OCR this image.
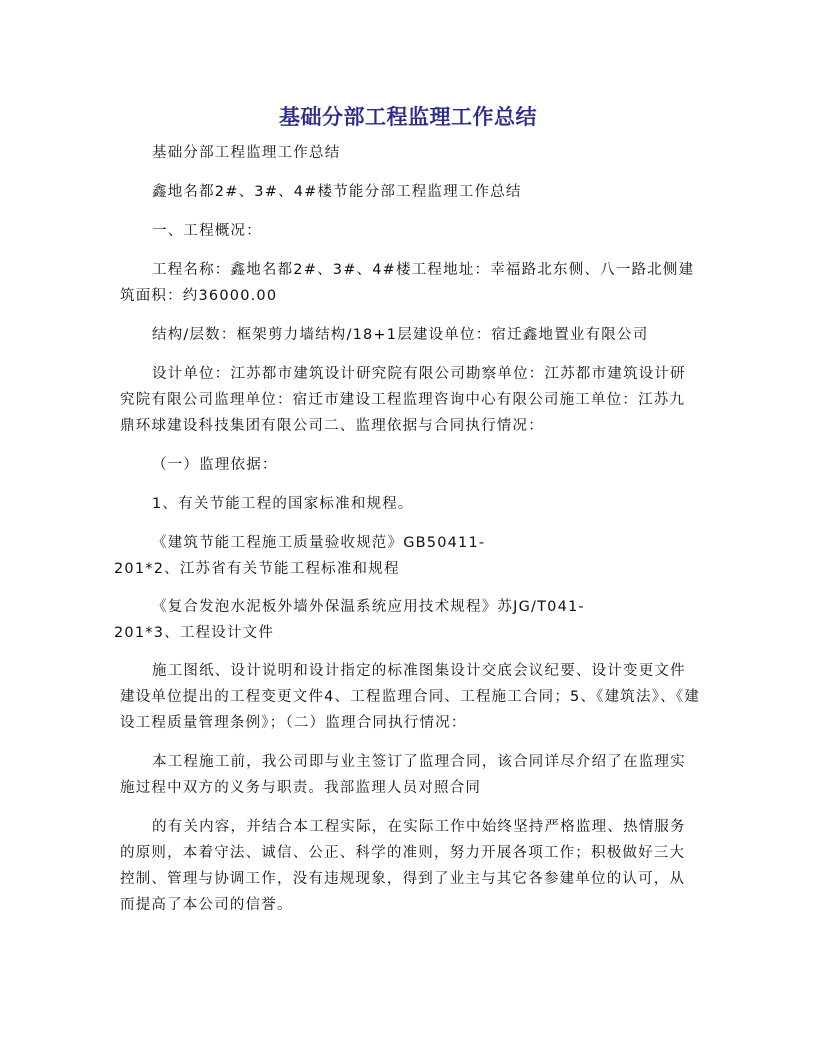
基础分部工程监理工作总结

基础分部工程监理工作总结

鑫地名都2#、3#、4#楼节能分部工程监理工作总结

一、工程概况：

工程名称：鑫地名都2#、3#、4#楼工程地址：幸福路北东侧、八一路北侧建筑面积：约36000.00

结构/层数：框架剪力墙结构/18+1层建设单位：宿迁鑫地置业有限公司

设计单位：江苏都市建筑设计研究院有限公司勘察单位：江苏都市建筑设计研究院有限公司监理单位：宿迁市建设工程监理咨询中心有限公司施工单位：江苏九鼎环球建设科技集团有限公司二、监理依据与合同执行情况：

（一）监理依据：

1、有关节能工程的国家标准和规程。

《建筑节能工程施工质量验收规范》GB50411-

201*2、江苏省有关节能工程标准和规程

《复合发泡水泥板外墙外保温系统应用技术规程》苏JG/T041-

201*3、工程设计文件

施工图纸、设计说明和设计指定的标准图集设计交底会议纪要、设计变更文件建设单位提出的工程变更文件4、工程监理合同、工程施工合同；5、《建筑法》、《建设工程质量管理条例》；（二）监理合同执行情况：

本工程施工前，我公司即与业主签订了监理合同，该合同详尽介绍了在监理实施过程中双方的义务与职责。我部监理人员对照合同

的有关内容，并结合本工程实际，在实际工作中始终坚持严格监理、热情服务的原则，本着守法、诚信、公正、科学的准则，努力开展各项工作；积极做好三大控制、管理与协调工作，没有违规现象，得到了业主与其它各参建单位的认可，从而提高了本公司的信誉。
